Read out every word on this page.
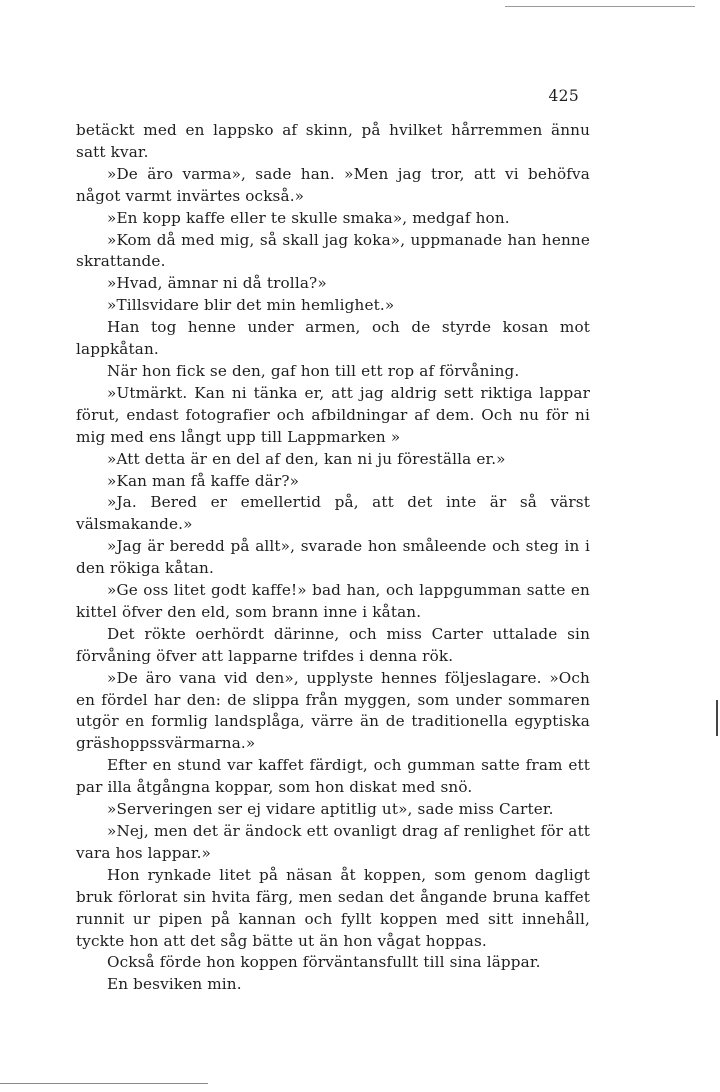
425

betäckt med en lappsko af skinn, på hvilket hårremmen ännu satt kvar.

»De äro varma», sade han. »Men jag tror, att vi behöfva något varmt invärtes också.»

»En kopp kaffe eller te skulle smaka», medgaf hon.

»Kom då med mig, så skall jag koka», uppmanade han henne skrattande.

»Hvad, ämnar ni då trolla?»

»Tillsvidare blir det min hemlighet.»

Han tog henne under armen, och de styrde kosan mot lappkåtan.

När hon fick se den, gaf hon till ett rop af förvåning.

»Utmärkt. Kan ni tänka er, att jag aldrig sett riktiga lappar förut, endast fotografier och afbildningar af dem. Och nu för ni mig med ens långt upp till Lappmarken »

»Att detta är en del af den, kan ni ju föreställa er.»

»Kan man få kaffe där?»

»Ja. Bered er emellertid på, att det inte är så värst välsmakande.»

»Jag är beredd på allt», svarade hon småleende och steg in i den rökiga kåtan.

»Ge oss litet godt kaffe!» bad han, och lappgumman satte en kittel öfver den eld, som brann inne i kåtan.

Det rökte oerhördt därinne, och miss Carter uttalade sin förvåning öfver att lapparne trifdes i denna rök.

»De äro vana vid den», upplyste hennes följeslagare. »Och en fördel har den: de slippa från myggen, som under sommaren utgör en formlig landsplåga, värre än de traditionella egyptiska gräshoppssvärmarna.»

Efter en stund var kaffet färdigt, och gumman satte fram ett par illa åtgångna koppar, som hon diskat med snö.

»Serveringen ser ej vidare aptitlig ut», sade miss Carter.

»Nej, men det är ändock ett ovanligt drag af renlighet för att vara hos lappar.»

Hon rynkade litet på näsan åt koppen, som genom dagligt bruk förlorat sin hvita färg, men sedan det ångande bruna kaffet runnit ur pipen på kannan och fyllt koppen med sitt innehåll, tyckte hon att det såg bätte ut än hon vågat hoppas.

Också förde hon koppen förväntansfullt till sina läppar.

En besviken min.
